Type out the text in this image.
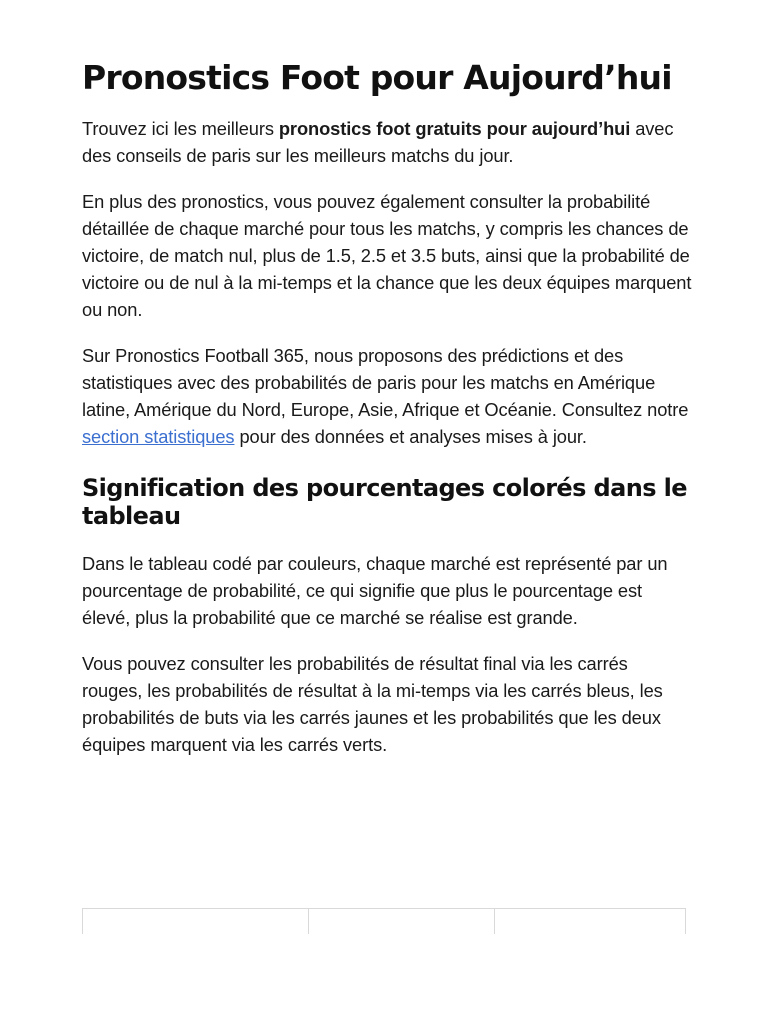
Pronostics Foot pour Aujourd’hui

Trouvez ici les meilleurs pronostics foot gratuits pour aujourd’hui avec des conseils de paris sur les meilleurs matchs du jour.

En plus des pronostics, vous pouvez également consulter la probabilité détaillée de chaque marché pour tous les matchs, y compris les chances de victoire, de match nul, plus de 1.5, 2.5 et 3.5 buts, ainsi que la probabilité de victoire ou de nul à la mi-temps et la chance que les deux équipes marquent ou non.

Sur Pronostics Football 365, nous proposons des prédictions et des statistiques avec des probabilités de paris pour les matchs en Amérique latine, Amérique du Nord, Europe, Asie, Afrique et Océanie. Consultez notre section statistiques pour des données et analyses mises à jour.

Signification des pourcentages colorés dans le tableau

Dans le tableau codé par couleurs, chaque marché est représenté par un pourcentage de probabilité, ce qui signifie que plus le pourcentage est élevé, plus la probabilité que ce marché se réalise est grande.

Vous pouvez consulter les probabilités de résultat final via les carrés rouges, les probabilités de résultat à la mi-temps via les carrés bleus, les probabilités de buts via les carrés jaunes et les probabilités que les deux équipes marquent via les carrés verts.
